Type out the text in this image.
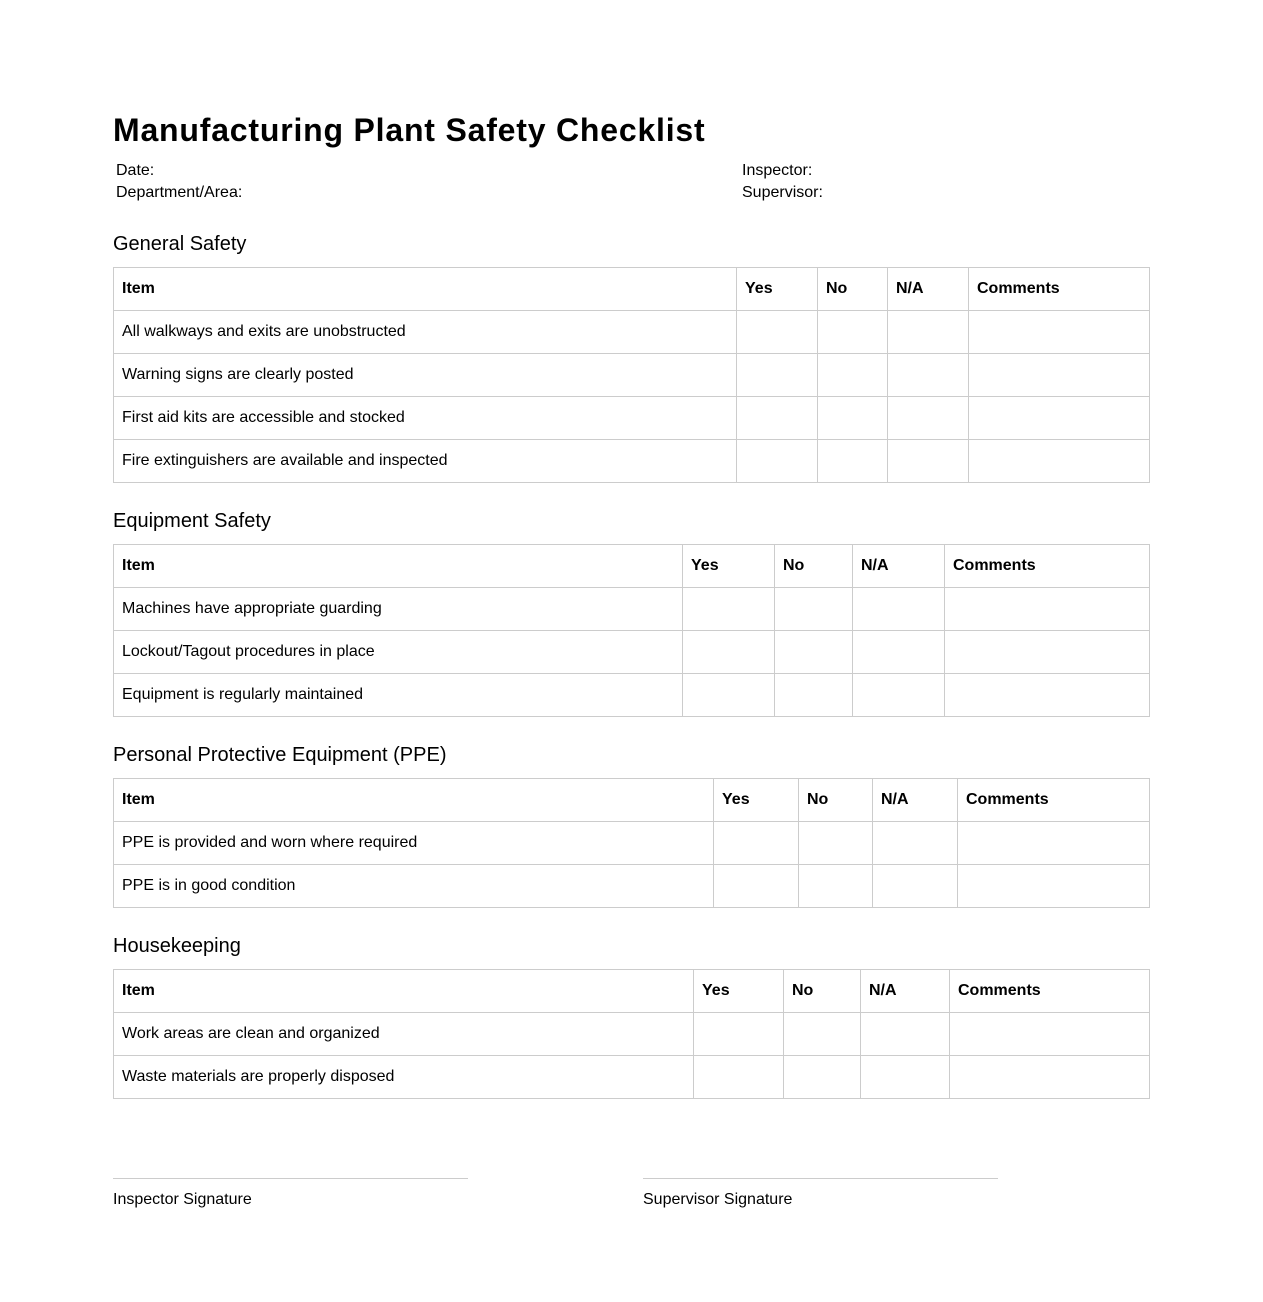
Manufacturing Plant Safety Checklist
Date:
Department/Area:
Inspector:
Supervisor:
General Safety
Item	Yes	No	N/A	Comments
All walkways and exits are unobstructed				
Warning signs are clearly posted				
First aid kits are accessible and stocked				
Fire extinguishers are available and inspected				
Equipment Safety
Item	Yes	No	N/A	Comments
Machines have appropriate guarding				
Lockout/Tagout procedures in place				
Equipment is regularly maintained				
Personal Protective Equipment (PPE)
Item	Yes	No	N/A	Comments
PPE is provided and worn where required				
PPE is in good condition				
Housekeeping
Item	Yes	No	N/A	Comments
Work areas are clean and organized				
Waste materials are properly disposed				
Inspector Signature	Supervisor Signature
